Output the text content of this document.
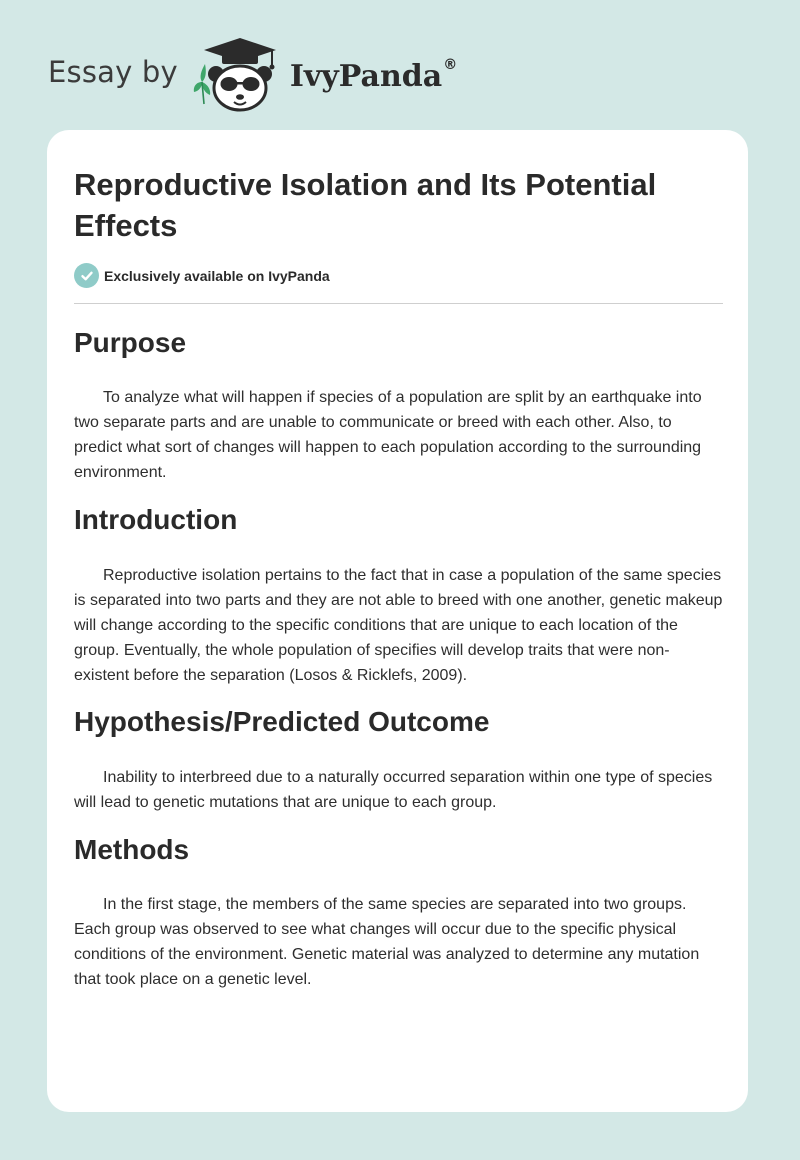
Essay by	IvyPanda®
Reproductive Isolation and Its Potential Effects
Exclusively available on IvyPanda
Purpose

To analyze what will happen if species of a population are split by an earthquake into two separate parts and are unable to communicate or breed with each other. Also, to predict what sort of changes will happen to each population according to the surrounding environment.

Introduction

Reproductive isolation pertains to the fact that in case a population of the same species is separated into two parts and they are not able to breed with one another, genetic makeup will change according to the specific conditions that are unique to each location of the group. Eventually, the whole population of specifies will develop traits that were non-existent before the separation (Losos & Ricklefs, 2009).

Hypothesis/Predicted Outcome

Inability to interbreed due to a naturally occurred separation within one type of species will lead to genetic mutations that are unique to each group.

Methods

In the first stage, the members of the same species are separated into two groups. Each group was observed to see what changes will occur due to the specific physical conditions of the environment. Genetic material was analyzed to determine any mutation that took place on a genetic level.
